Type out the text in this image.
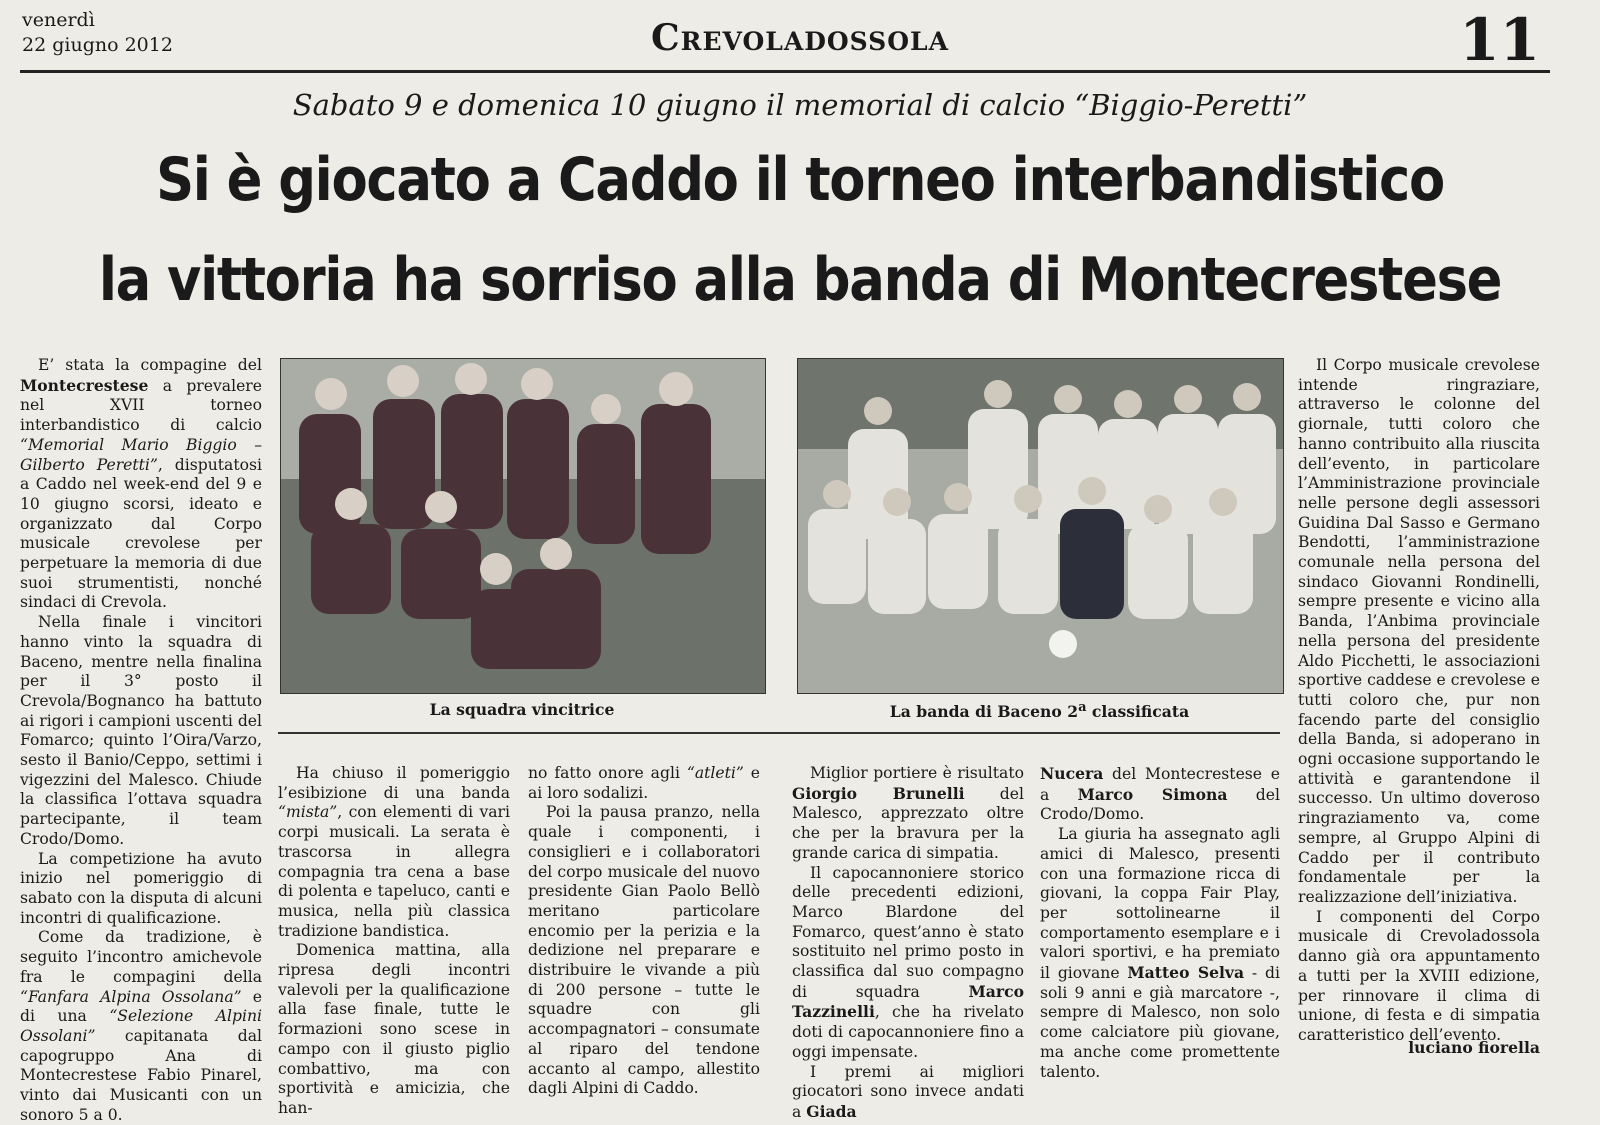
venerdì
22 giugno 2012	Crevoladossola	11
Sabato 9 e domenica 10 giugno il memorial di calcio “Biggio-Peretti”
Si è giocato a Caddo il torneo interbandistico
la vittoria ha sorriso alla banda di Montecrestese

E’ stata la compagine del Montecrestese a prevalere nel XVII torneo interbandistico di calcio “Memorial Mario Biggio – Gilberto Peretti”, disputatosi a Caddo nel week-end del 9 e 10 giugno scorsi, ideato e organizzato dal Corpo musicale crevolese per perpetuare la memoria di due suoi strumentisti, nonché sindaci di Crevola.

Nella finale i vincitori hanno vinto la squadra di Baceno, mentre nella finalina per il 3° posto il Crevola/Bognanco ha battuto ai rigori i campioni uscenti del Fomarco; quinto l’Oira/Varzo, sesto il Banio/Ceppo, settimi i vigezzini del Malesco. Chiude la classifica l’ottava squadra partecipante, il team Crodo/Domo.

La competizione ha avuto inizio nel pomeriggio di sabato con la disputa di alcuni incontri di qualificazione.

Come da tradizione, è seguito l’incontro amichevole fra le compagini della “Fanfara Alpina Ossolana” e di una “Selezione Alpini Ossolani” capitanata dal capogruppo Ana di Montecrestese Fabio Pinarel, vinto dai Musicanti con un sonoro 5 a 0.

La squadra vincitrice	La banda di Baceno 2$^a$ classificata

Ha chiuso il pomeriggio l’esibizione di una banda “mista”, con elementi di vari corpi musicali. La serata è trascorsa in allegra compagnia tra cena a base di polenta e tapeluco, canti e musica, nella più classica tradizione bandistica.

Domenica mattina, alla ripresa degli incontri valevoli per la qualificazione alla fase finale, tutte le formazioni sono scese in campo con il giusto piglio combattivo, ma con sportività e amicizia, che han-

no fatto onore agli “atleti” e ai loro sodalizi.

Poi la pausa pranzo, nella quale i componenti, i consiglieri e i collaboratori del corpo musicale del nuovo presidente Gian Paolo Bellò meritano particolare encomio per la perizia e la dedizione nel preparare e distribuire le vivande a più di 200 persone – tutte le squadre con gli accompagnatori – consumate al riparo del tendone accanto al campo, allestito dagli Alpini di Caddo.

Miglior portiere è risultato Giorgio Brunelli del Malesco, apprezzato oltre che per la bravura per la grande carica di simpatia.

Il capocannoniere storico delle precedenti edizioni, Marco Blardone del Fomarco, quest’anno è stato sostituito nel primo posto in classifica dal suo compagno di squadra Marco Tazzinelli, che ha rivelato doti di capocannoniere fino a oggi impensate.

I premi ai migliori giocatori sono invece andati a Giada

Nucera del Montecrestese e a Marco Simona del Crodo/Domo.

La giuria ha assegnato agli amici di Malesco, presenti con una formazione ricca di giovani, la coppa Fair Play, per sottolinearne il comportamento esemplare e i valori sportivi, e ha premiato il giovane Matteo Selva - di soli 9 anni e già marcatore -, sempre di Malesco, non solo come calciatore più giovane, ma anche come promettente talento.

Il Corpo musicale crevolese intende ringraziare, attraverso le colonne del giornale, tutti coloro che hanno contribuito alla riuscita dell’evento, in particolare l’Amministrazione provinciale nelle persone degli assessori Guidina Dal Sasso e Germano Bendotti, l’amministrazione comunale nella persona del sindaco Giovanni Rondinelli, sempre presente e vicino alla Banda, l’Anbima provinciale nella persona del presidente Aldo Picchetti, le associazioni sportive caddese e crevolese e tutti coloro che, pur non facendo parte del consiglio della Banda, si adoperano in ogni occasione supportando le attività e garantendone il successo. Un ultimo doveroso ringraziamento va, come sempre, al Gruppo Alpini di Caddo per il contributo fondamentale per la realizzazione dell’iniziativa.

I componenti del Corpo musicale di Crevoladossola danno già ora appuntamento a tutti per la XVIII edizione, per rinnovare il clima di unione, di festa e di simpatia caratteristico dell’evento.

luciano fiorella
